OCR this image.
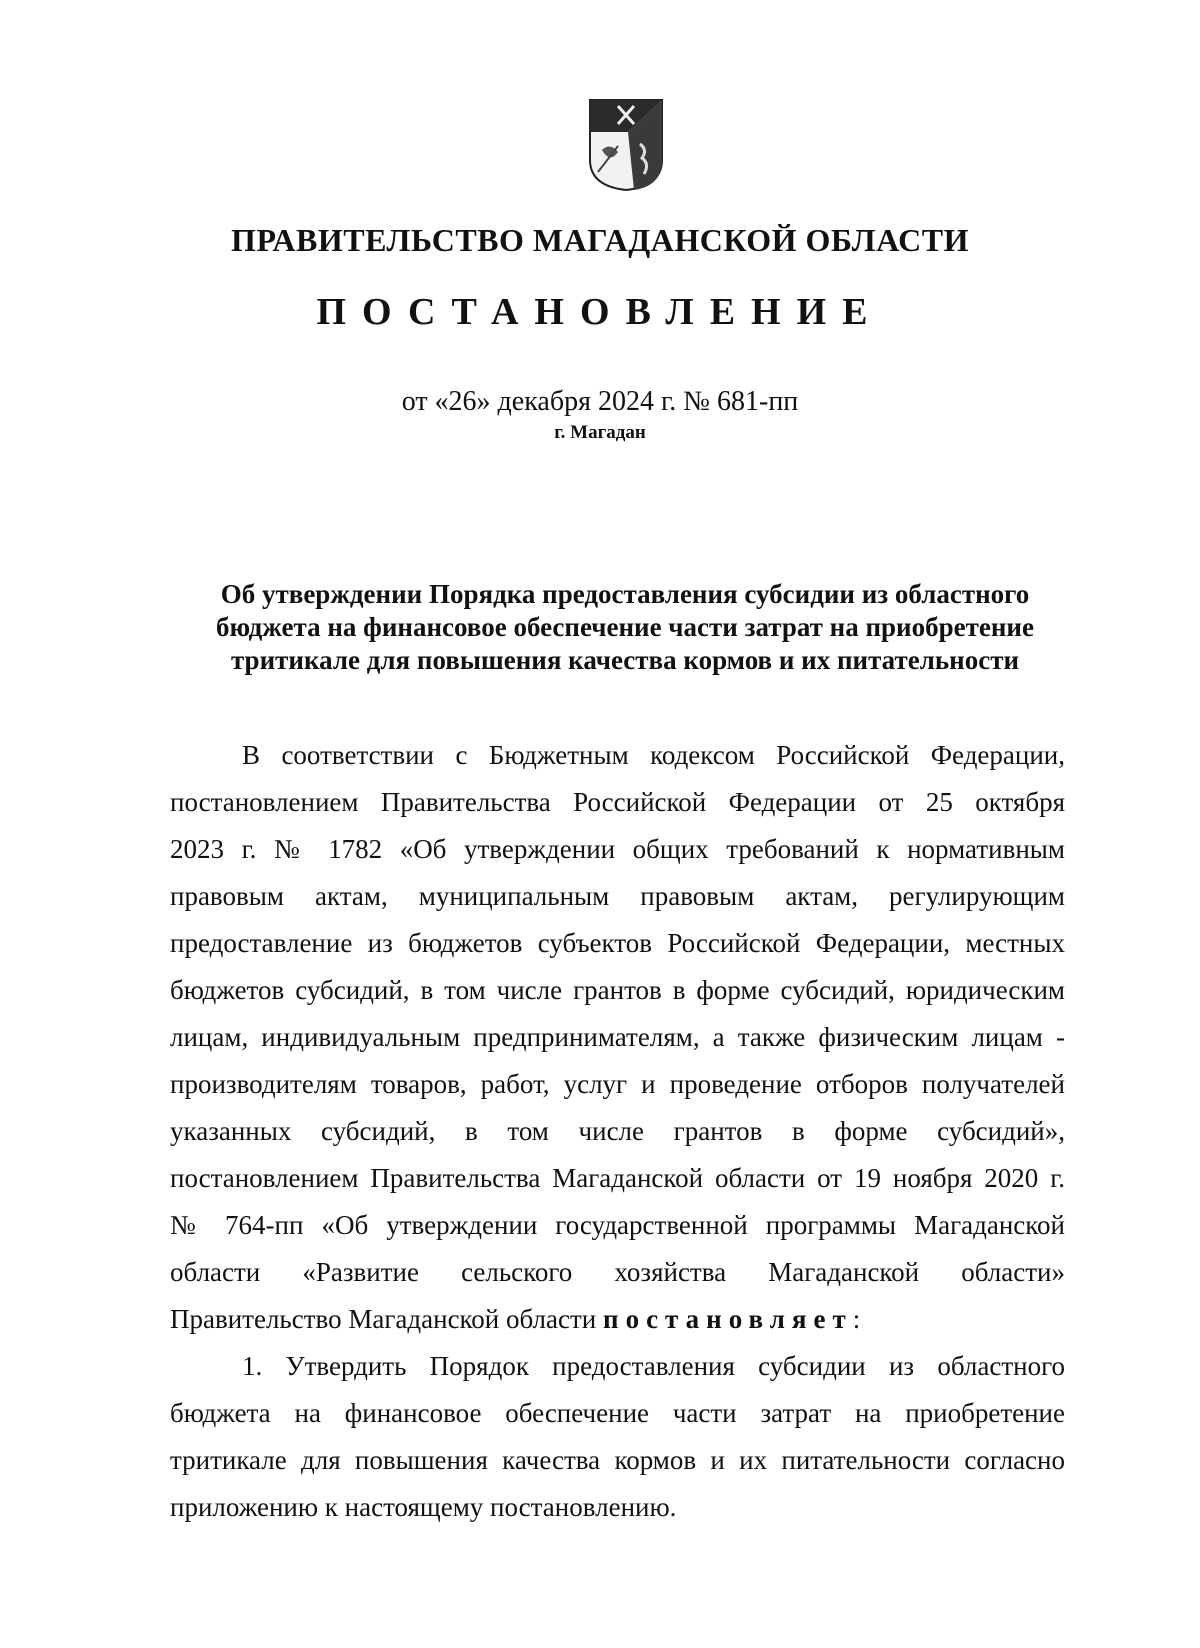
ПРАВИТЕЛЬСТВО МАГАДАНСКОЙ ОБЛАСТИ
ПОСТАНОВЛЕНИЕ
от «26» декабря 2024 г. № 681-пп
г. Магадан
Об утверждении Порядка предоставления субсидии из областного
бюджета на финансовое обеспечение части затрат на приобретение
тритикале для повышения качества кормов и их питательности
В соответствии с Бюджетным кодексом Российской Федерации,
постановлением Правительства Российской Федерации от 25 октября
2023 г. № 1782 «Об утверждении общих требований к нормативным
правовым актам, муниципальным правовым актам, регулирующим
предоставление из бюджетов субъектов Российской Федерации, местных
бюджетов субсидий, в том числе грантов в форме субсидий, юридическим
лицам, индивидуальным предпринимателям, а также физическим лицам -
производителям товаров, работ, услуг и проведение отборов получателей
указанных субсидий, в том числе грантов в форме субсидий»,
постановлением Правительства Магаданской области от 19 ноября 2020 г.
№ 764-пп «Об утверждении государственной программы Магаданской
области «Развитие сельского хозяйства Магаданской области»
Правительство Магаданской области постановляет:
1. Утвердить Порядок предоставления субсидии из областного
бюджета на финансовое обеспечение части затрат на приобретение
тритикале для повышения качества кормов и их питательности согласно
приложению к настоящему постановлению.
